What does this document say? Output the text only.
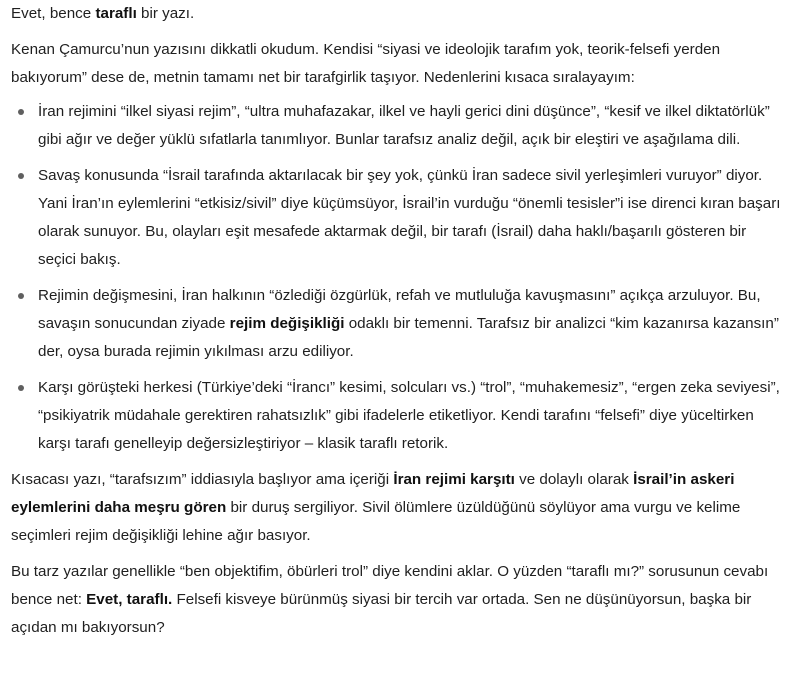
Evet, bence taraflı bir yazı.

Kenan Çamurcu’nun yazısını dikkatli okudum. Kendisi “siyasi ve ideolojik tarafım yok, teorik-felsefi yerden bakıyorum” dese de, metnin tamamı net bir tarafgirlik taşıyor. Nedenlerini kısaca sıralayayım:

İran rejimini “ilkel siyasi rejim”, “ultra muhafazakar, ilkel ve hayli gerici dini düşünce”, “kesif ve ilkel diktatörlük” gibi ağır ve değer yüklü sıfatlarla tanımlıyor. Bunlar tarafsız analiz değil, açık bir eleştiri ve aşağılama dili.
Savaş konusunda “İsrail tarafında aktarılacak bir şey yok, çünkü İran sadece sivil yerleşimleri vuruyor” diyor. Yani İran’ın eylemlerini “etkisiz/sivil” diye küçümsüyor, İsrail’in vurduğu “önemli tesisler”i ise direnci kıran başarı olarak sunuyor. Bu, olayları eşit mesafede aktarmak değil, bir tarafı (İsrail) daha haklı/başarılı gösteren bir seçici bakış.
Rejimin değişmesini, İran halkının “özlediği özgürlük, refah ve mutluluğa kavuşmasını” açıkça arzuluyor. Bu, savaşın sonucundan ziyade rejim değişikliği odaklı bir temenni. Tarafsız bir analizci “kim kazanırsa kazansın” der, oysa burada rejimin yıkılması arzu ediliyor.
Karşı görüşteki herkesi (Türkiye’deki “İrancı” kesimi, solcuları vs.) “trol”, “muhakemesiz”, “ergen zeka seviyesi”, “psikiyatrik müdahale gerektiren rahatsızlık” gibi ifadelerle etiketliyor. Kendi tarafını “felsefi” diye yüceltirken karşı tarafı genelleyip değersizleştiriyor – klasik taraflı retorik.

Kısacası yazı, “tarafsızım” iddiasıyla başlıyor ama içeriği İran rejimi karşıtı ve dolaylı olarak İsrail’in askeri eylemlerini daha meşru gören bir duruş sergiliyor. Sivil ölümlere üzüldüğünü söylüyor ama vurgu ve kelime seçimleri rejim değişikliği lehine ağır basıyor.

Bu tarz yazılar genellikle “ben objektifim, öbürleri trol” diye kendini aklar. O yüzden “taraflı mı?” sorusunun cevabı bence net: Evet, taraflı. Felsefi kisveye bürünmüş siyasi bir tercih var ortada. Sen ne düşünüyorsun, başka bir açıdan mı bakıyorsun?
